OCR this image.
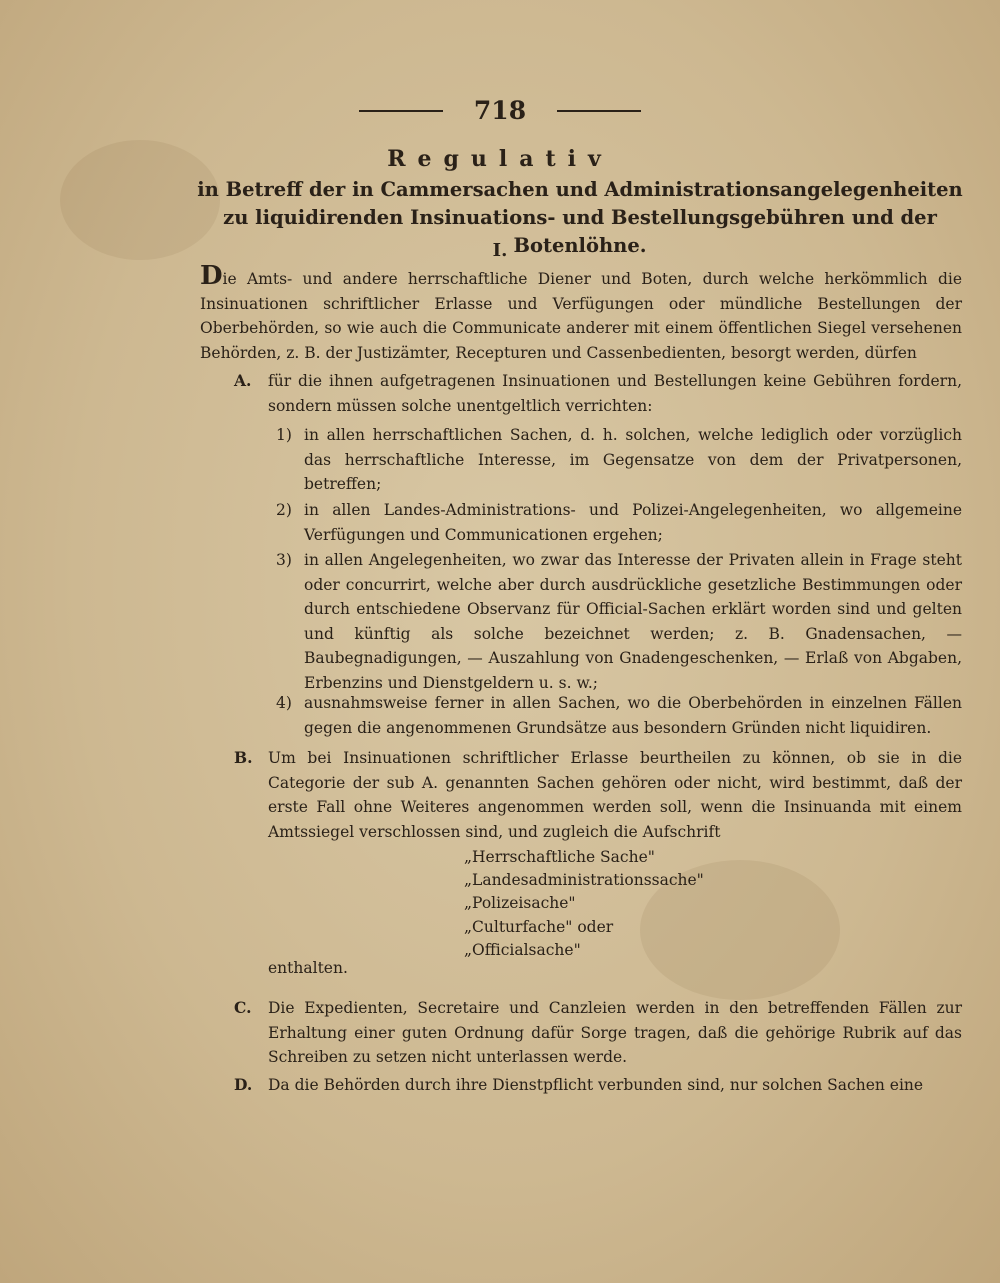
718
Regulativ
in Betreff der in Cammersachen und Administrationsangelegenheiten zu liquidirenden Insinuations- und Bestellungsgebühren und der Botenlöhne.
I.
Die Amts- und andere herrschaftliche Diener und Boten, durch welche herkömmlich die Insinuationen schriftlicher Erlasse und Verfügungen oder mündliche Bestellungen der Oberbehörden, so wie auch die Communicate anderer mit einem öffentlichen Siegel versehenen Behörden, z. B. der Justizämter, Recepturen und Cassenbedienten, besorgt werden, dürfen
A. für die ihnen aufgetragenen Insinuationen und Bestellungen keine Gebühren fordern, sondern müssen solche unentgeltlich verrichten:
1) in allen herrschaftlichen Sachen, d. h. solchen, welche lediglich oder vorzüglich das herrschaftliche Interesse, im Gegensatze von dem der Privatpersonen, betreffen;
2) in allen Landes-Administrations- und Polizei-Angelegenheiten, wo allgemeine Verfügungen und Communicationen ergehen;
3) in allen Angelegenheiten, wo zwar das Interesse der Privaten allein in Frage steht oder concurrirt, welche aber durch ausdrückliche gesetzliche Bestimmungen oder durch entschiedene Observanz für Official-Sachen erklärt worden sind und gelten und künftig als solche bezeichnet werden; z. B. Gnadensachen, — Baubegnadigungen, — Auszahlung von Gnadengeschenken, — Erlaß von Abgaben, Erbenzins und Dienstgeldern u. s. w.;
4) ausnahmsweise ferner in allen Sachen, wo die Oberbehörden in einzelnen Fällen gegen die angenommenen Grundsätze aus besondern Gründen nicht liquidiren.
B. Um bei Insinuationen schriftlicher Erlasse beurtheilen zu können, ob sie in die Categorie der sub A. genannten Sachen gehören oder nicht, wird bestimmt, daß der erste Fall ohne Weiteres angenommen werden soll, wenn die Insinuanda mit einem Amtssiegel verschlossen sind, und zugleich die Aufschrift
„Herrschaftliche Sache"
„Landesadministrationssache"
„Polizeisache"
„Culturfache" oder
„Officialsache"
enthalten.
C. Die Expedienten, Secretaire und Canzleien werden in den betreffenden Fällen zur Erhaltung einer guten Ordnung dafür Sorge tragen, daß die gehörige Rubrik auf das Schreiben zu setzen nicht unterlassen werde.
D. Da die Behörden durch ihre Dienstpflicht verbunden sind, nur solchen Sachen eine
